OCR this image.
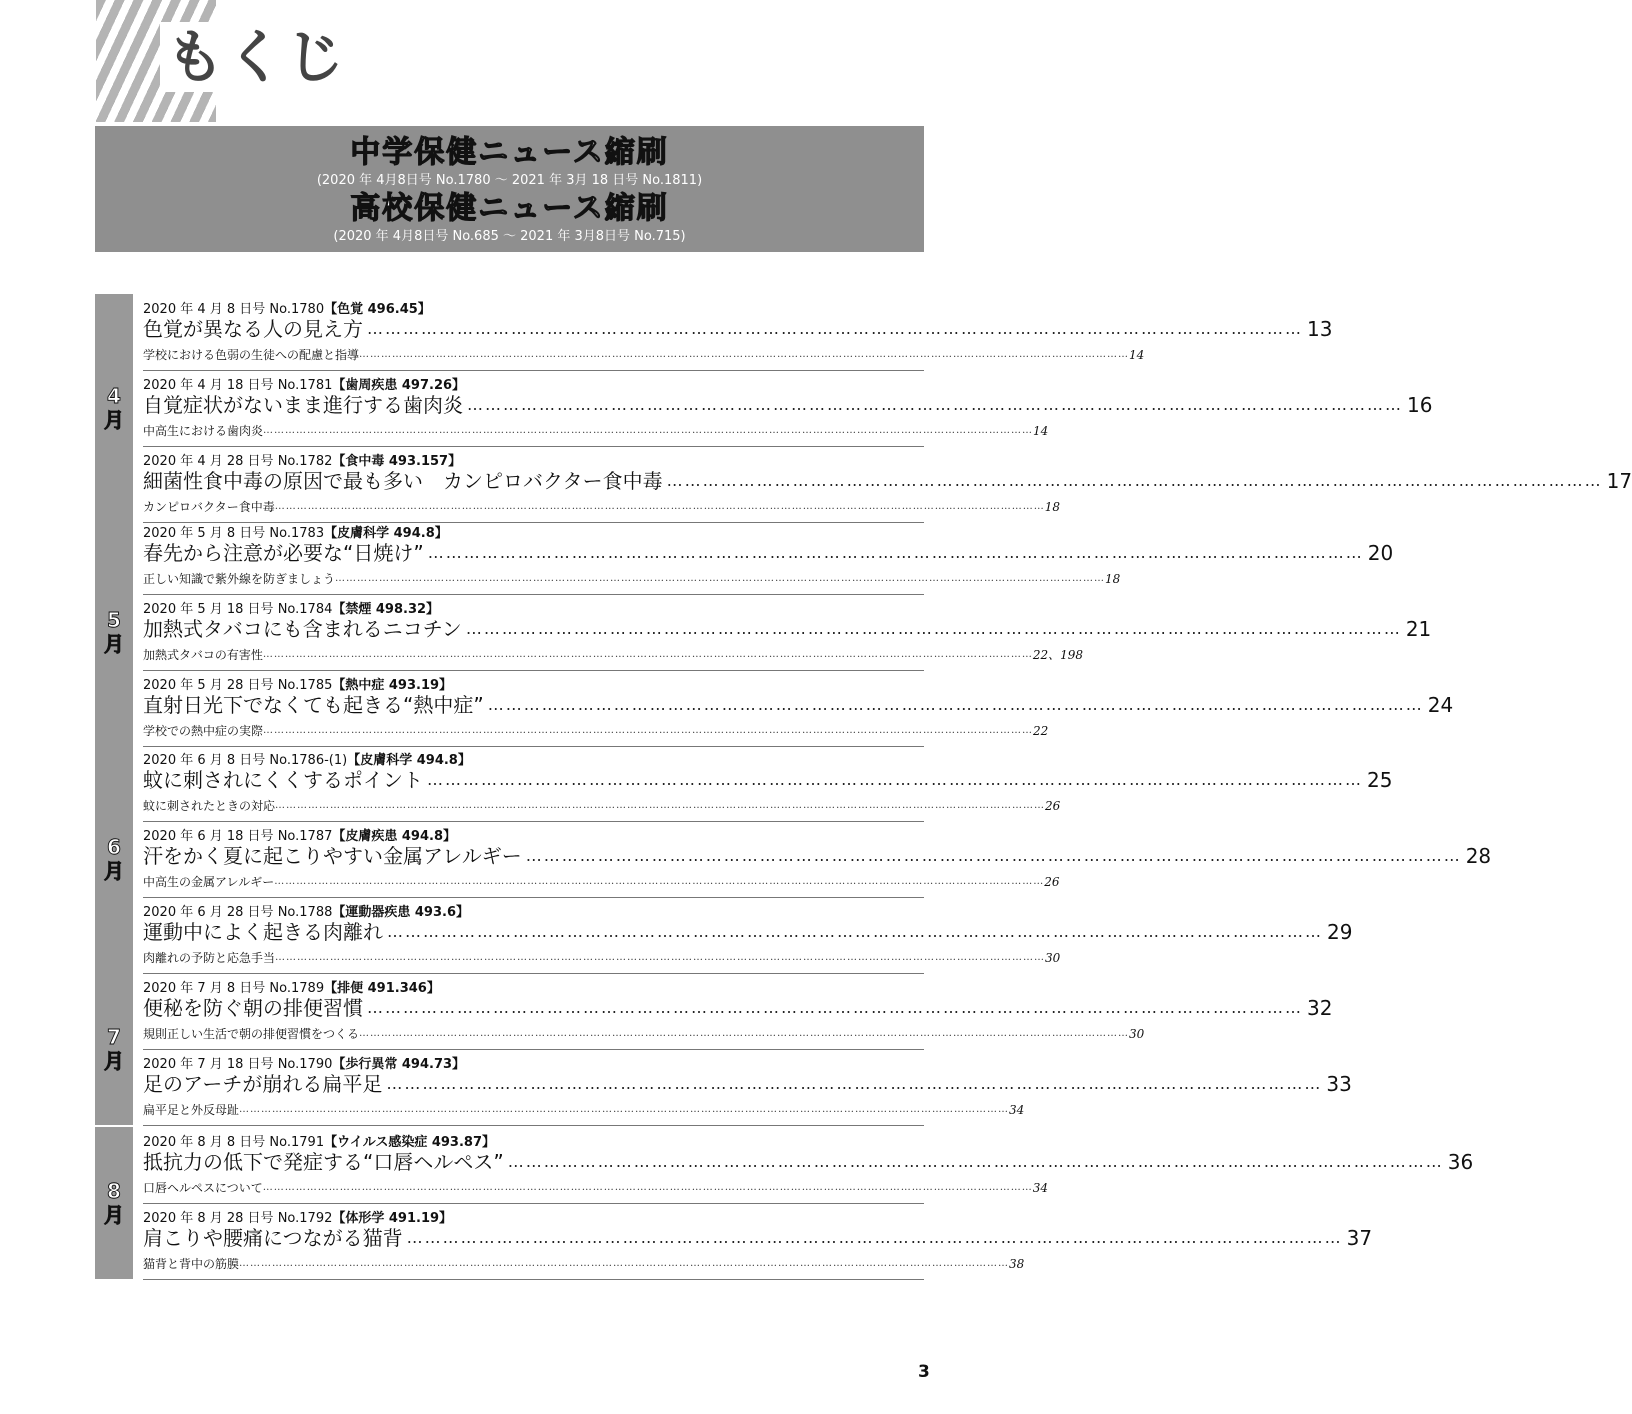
もくじ
中学保健ニュース縮刷
(2020 年 4月8日号 No.1780 ～ 2021 年 3月 18 日号 No.1811)
高校保健ニュース縮刷
(2020 年 4月8日号 No.685 ～ 2021 年 3月8日号 No.715)
4
月
2020 年 4 月 8 日号 No.1780【色覚 496.45】
色覚が異なる人の見え方 ………………………………………………………………………………………………………………………………………… 13
学校における色弱の生徒への配慮と指導 ………………………………………………………………………………………………………………………………………………………………………………………… 14
2020 年 4 月 18 日号 No.1781【歯周疾患 497.26】
自覚症状がないまま進行する歯肉炎 ………………………………………………………………………………………………………………………………………… 16
中高生における歯肉炎 ………………………………………………………………………………………………………………………………………………………………………………………… 14
2020 年 4 月 28 日号 No.1782【食中毒 493.157】
細菌性食中毒の原因で最も多い　カンピロバクター食中毒 ………………………………………………………………………………………………………………………………………… 17
カンピロバクター食中毒 ………………………………………………………………………………………………………………………………………………………………………………………… 18
5
月
2020 年 5 月 8 日号 No.1783【皮膚科学 494.8】
春先から注意が必要な“日焼け” ………………………………………………………………………………………………………………………………………… 20
正しい知識で紫外線を防ぎましょう ………………………………………………………………………………………………………………………………………………………………………………………… 18
2020 年 5 月 18 日号 No.1784【禁煙 498.32】
加熱式タバコにも含まれるニコチン ………………………………………………………………………………………………………………………………………… 21
加熱式タバコの有害性 ………………………………………………………………………………………………………………………………………………………………………………………… 22、198
2020 年 5 月 28 日号 No.1785【熱中症 493.19】
直射日光下でなくても起きる“熱中症” ………………………………………………………………………………………………………………………………………… 24
学校での熱中症の実際 ………………………………………………………………………………………………………………………………………………………………………………………… 22
6
月
2020 年 6 月 8 日号 No.1786-(1)【皮膚科学 494.8】
蚊に刺されにくくするポイント ………………………………………………………………………………………………………………………………………… 25
蚊に刺されたときの対応 ………………………………………………………………………………………………………………………………………………………………………………………… 26
2020 年 6 月 18 日号 No.1787【皮膚疾患 494.8】
汗をかく夏に起こりやすい金属アレルギー ………………………………………………………………………………………………………………………………………… 28
中高生の金属アレルギー ………………………………………………………………………………………………………………………………………………………………………………………… 26
2020 年 6 月 28 日号 No.1788【運動器疾患 493.6】
運動中によく起きる肉離れ ………………………………………………………………………………………………………………………………………… 29
肉離れの予防と応急手当 ………………………………………………………………………………………………………………………………………………………………………………………… 30
7
月
2020 年 7 月 8 日号 No.1789【排便 491.346】
便秘を防ぐ朝の排便習慣 ………………………………………………………………………………………………………………………………………… 32
規則正しい生活で朝の排便習慣をつくる ………………………………………………………………………………………………………………………………………………………………………………………… 30
2020 年 7 月 18 日号 No.1790【歩行異常 494.73】
足のアーチが崩れる扁平足 ………………………………………………………………………………………………………………………………………… 33
扁平足と外反母趾 ………………………………………………………………………………………………………………………………………………………………………………………… 34
8
月
2020 年 8 月 8 日号 No.1791【ウイルス感染症 493.87】
抵抗力の低下で発症する“口唇ヘルペス” ………………………………………………………………………………………………………………………………………… 36
口唇ヘルペスについて ………………………………………………………………………………………………………………………………………………………………………………………… 34
2020 年 8 月 28 日号 No.1792【体形学 491.19】
肩こりや腰痛につながる猫背 ………………………………………………………………………………………………………………………………………… 37
猫背と背中の筋膜 ………………………………………………………………………………………………………………………………………………………………………………………… 38
3
